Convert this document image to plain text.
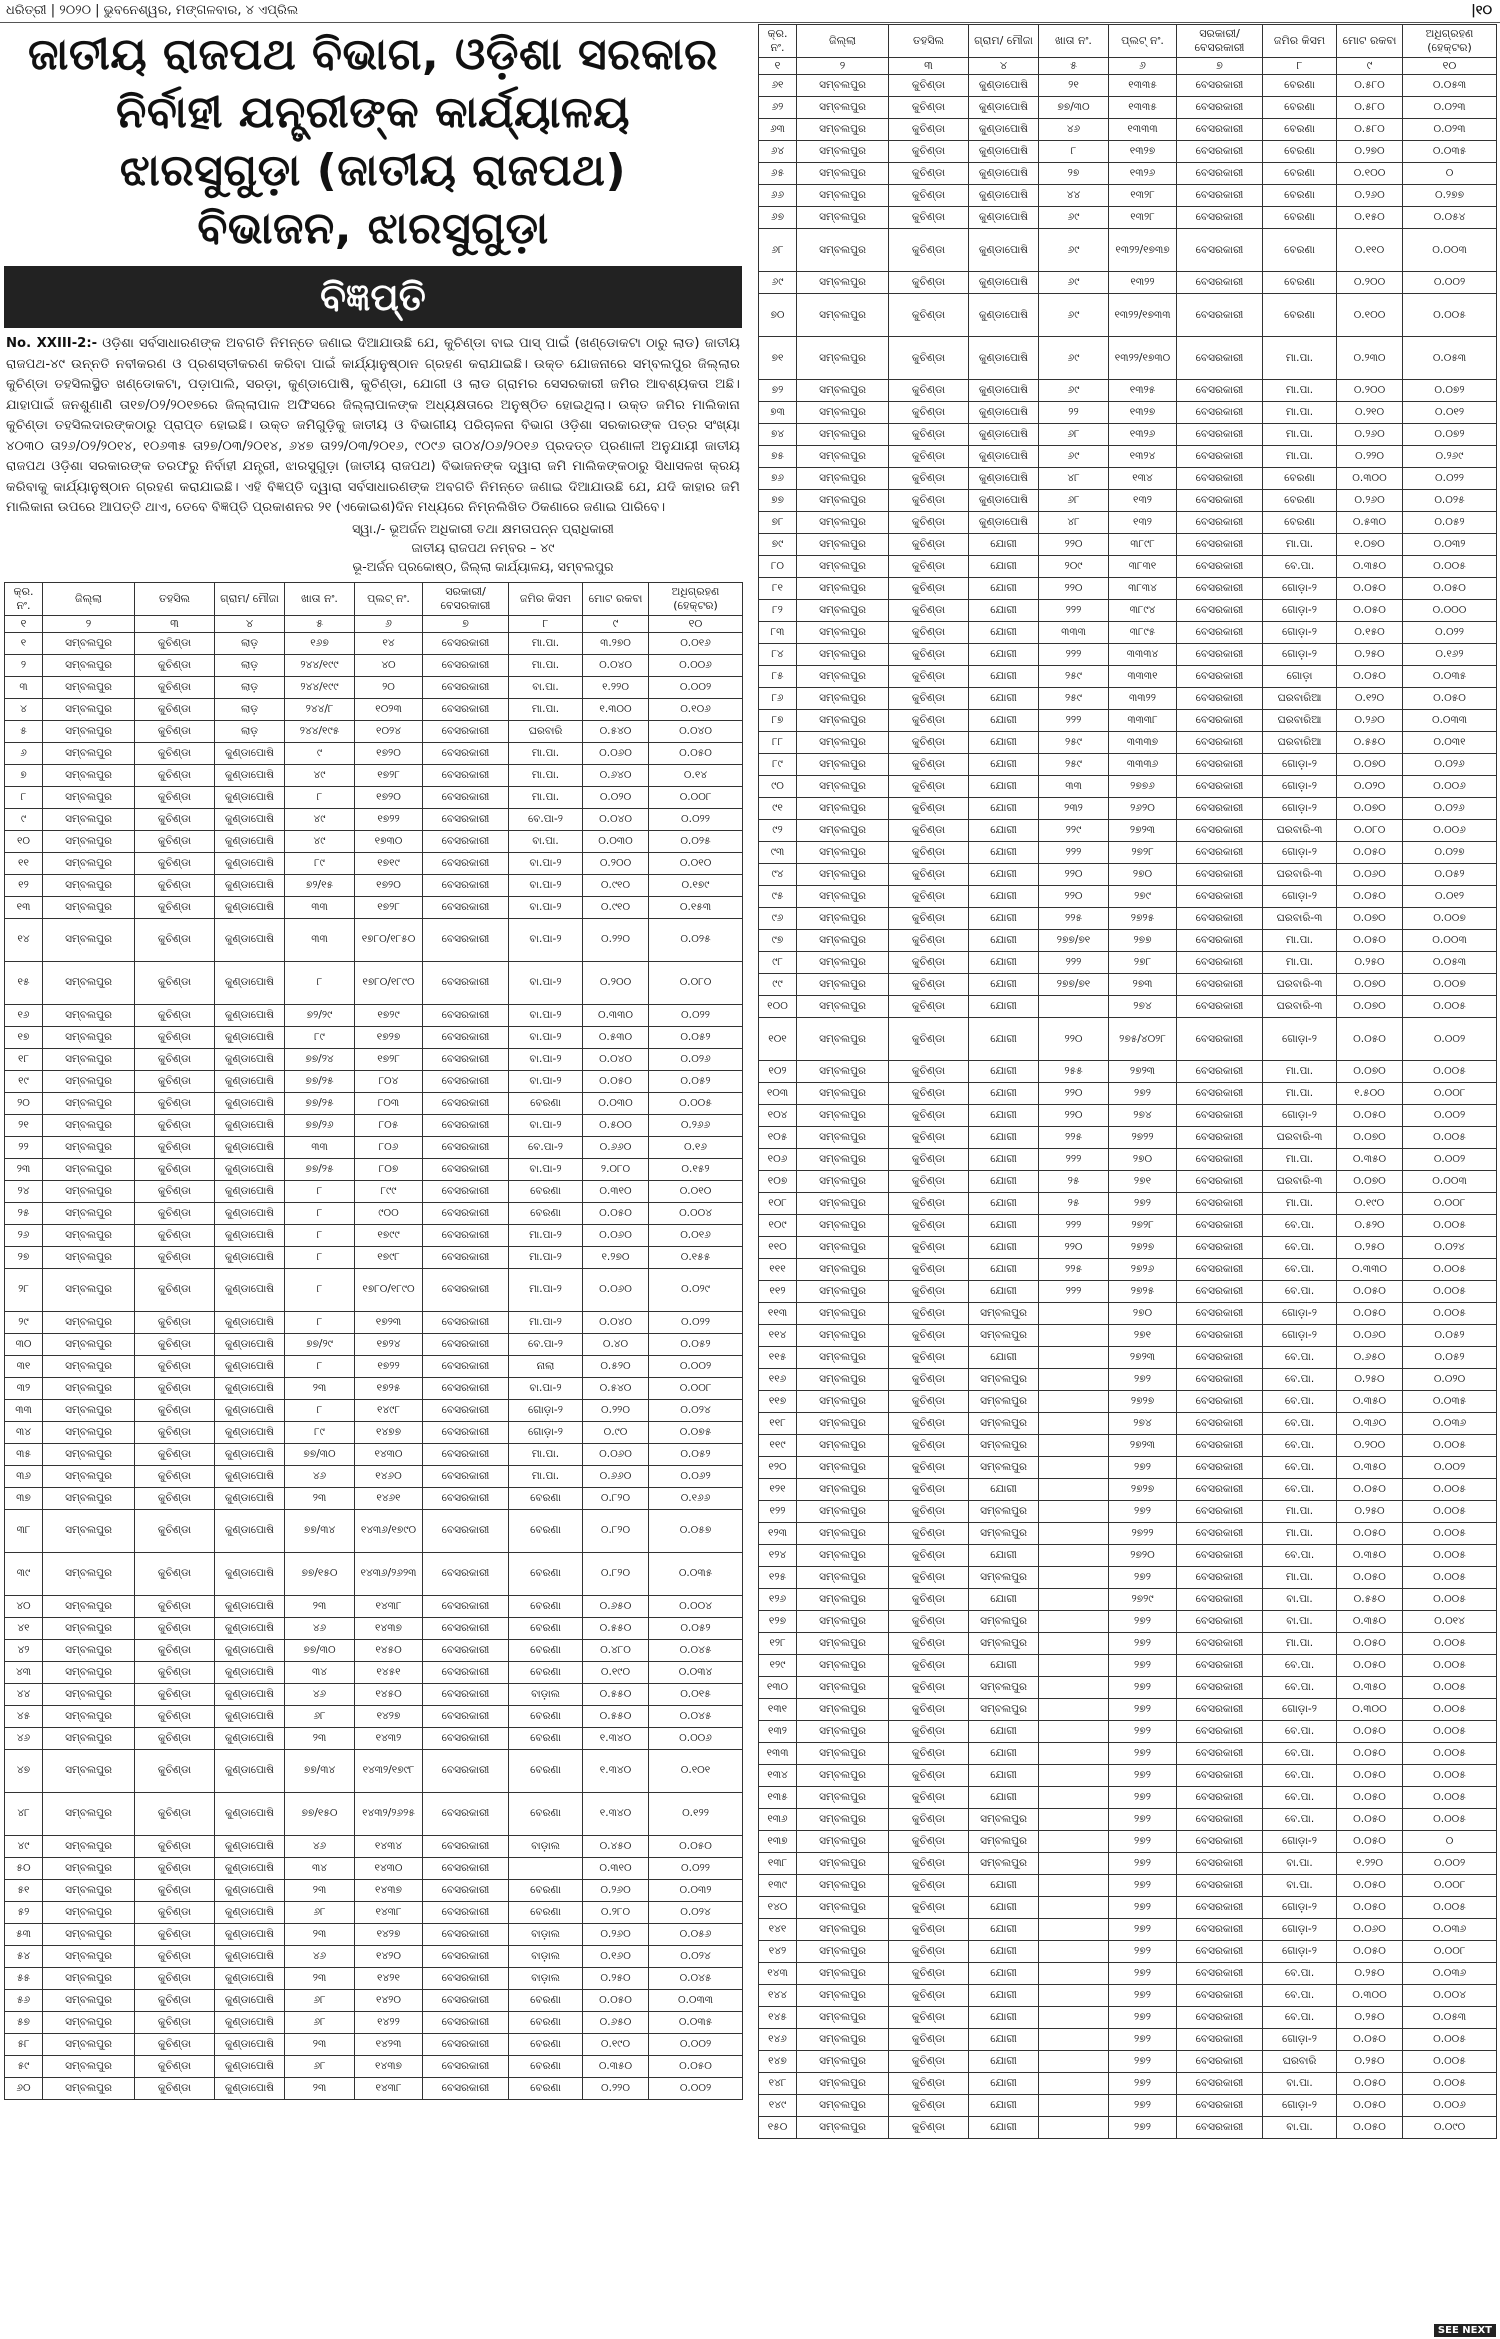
ଧରିତ୍ରୀ | ୨୦୨୦ | ଭୁବନେଶ୍ୱର, ମଙ୍ଗଳବାର, ୪ ଏପ୍ରିଲ	|୧୦

ଜାତୀୟ ରାଜପଥ ବିଭାଗ, ଓଡ଼ିଶା ସରକାର

ନିର୍ବାହୀ ଯନ୍ତ୍ରୀଙ୍କ କାର୍ଯ୍ୟାଳୟ

ଝାରସୁଗୁଡ଼ା (ଜାତୀୟ ରାଜପଥ)

ବିଭାଜନ, ଝାରସୁଗୁଡ଼ା

ବିଜ୍ଞପ୍ତି

No. XXIII-2:- ଓଡ଼ିଶା ସର୍ବସାଧାରଣଙ୍କ ଅବଗତି ନିମନ୍ତେ ଜଣାଇ ଦିଆଯାଉଛି ଯେ, କୁଚିଣ୍ଡା ବାଇ ପାସ୍ ପାଇଁ (ଖଣ୍ଡୋକଟା ଠାରୁ ଲାଡ) ଜାତୀୟ ରାଜପଥ-୪୯ ଉନ୍ନତି ନବୀକରଣ ଓ ପ୍ରଶସ୍ତୀକରଣ କରିବା ପାଇଁ କାର୍ଯ୍ୟାନୁଷ୍ଠାନ ଗ୍ରହଣ କରାଯାଇଛି। ଉକ୍ତ ଯୋଜନାରେ ସମ୍ବଲପୁର ଜିଲ୍ଲାର କୁଚିଣ୍ଡା ତହସିଲସ୍ଥିତ ଖଣ୍ଡୋକଟା, ପଡ଼ାପାଲି, ସରଡ଼ା, କୁଣ୍ଡାପୋଷି, କୁଚିଣ୍ଡା, ଯୋଗୀ ଓ ଲାଡ ଗ୍ରାମର ସେସରକାରୀ ଜମିର ଆବଶ୍ୟକତା ଅଛି। ଯାହାପାଇଁ ଜନଶୁଣାଣି ତା୧୭/୦୨/୨୦୧୭ରେ ଜିଲ୍ଲାପାଳ ଅଫିସରେ ଜିଲ୍ଲାପାଳଙ୍କ ଅଧ୍ୟକ୍ଷତାରେ ଅନୁଷ୍ଠିତ ହୋଇଥିଲା। ଉକ୍ତ ଜମିର ମାଲିକାନା କୁଚିଣ୍ଡା ତହସିଲଦାରଙ୍କଠାରୁ ପ୍ରାପ୍ତ ହୋଇଛି। ଉକ୍ତ ଜମିଗୁଡ଼ିକୁ ଜାତୀୟ ଓ ବିଭାଗୀୟ ପରିଚାଳନା ବିଭାଗ ଓଡ଼ିଶା ସରକାରଙ୍କ ପତ୍ର ସଂଖ୍ୟା ୪୦୩୦ ତା୨୬/୦୨/୨୦୧୪, ୧୦୬୩୫ ତା୨୭/୦୩/୨୦୧୪, ୬୪୭ ତା୨୨/୦୩/୨୦୧୬, ୯୦୯୬ ତା୦୪/୦୬/୨୦୧୬ ପ୍ରଦତ୍ତ ପ୍ରଣାଳୀ ଅନୁଯାୟୀ ଜାତୀୟ ରାଜପଥ ଓଡ଼ିଶା ସରକାରଙ୍କ ତରଫରୁ ନିର୍ବାହୀ ଯନ୍ତ୍ରୀ, ଝାରସୁଗୁଡ଼ା (ଜାତୀୟ ରାଜପଥ) ବିଭାଜନଙ୍କ ଦ୍ୱାରା ଜମି ମାଲିକଙ୍କଠାରୁ ସିଧାସଳଖ କ୍ରୟ କରିବାକୁ କାର୍ଯ୍ୟାନୁଷ୍ଠାନ ଗ୍ରହଣ କରାଯାଇଛି। ଏହି ବିଜ୍ଞପ୍ତି ଦ୍ୱାରା ସର୍ବସାଧାରଣଙ୍କ ଅବଗତି ନିମନ୍ତେ ଜଣାଇ ଦିଆଯାଉଛି ଯେ, ଯଦି କାହାର ଜମି ମାଲିକାନା ଉପରେ ଆପତ୍ତି ଥାଏ, ତେବେ ବିଜ୍ଞପ୍ତି ପ୍ରକାଶନର ୨୧ (ଏକୋଇଶ)ଦିନ ମଧ୍ୟରେ ନିମ୍ନଲିଖିତ ଠିକଣାରେ ଜଣାଇ ପାରିବେ।

ସ୍ୱା./- ଭୂଅର୍ଜନ ଅଧିକାରୀ ତଥା କ୍ଷମତାପନ୍ନ ପ୍ରାଧିକାରୀ
ଜାତୀୟ ରାଜପଥ ନମ୍ବର – ୪୯
ଭୂ-ଅର୍ଜନ ପ୍ରକୋଷ୍ଠ, ଜିଲ୍ଲା କାର୍ଯ୍ୟାଳୟ, ସମ୍ବଲପୁର
କ୍ର. ନଂ.	ଜିଲ୍ଲା	ତହସିଲ	ଗ୍ରାମ/ ମୌଜା	ଖାତା ନଂ.	ପ୍ଲଟ୍ ନଂ.	ସରକାରୀ/ ବେସରକାରୀ	ଜମିର କିସମ	ମୋଟ ରକବା	ଅଧିଗ୍ରହଣ (ହେକ୍ଟର)
୧	୨	୩	୪	୫	୬	୭	୮	୯	୧୦
୧	ସମ୍ବଲପୁର	କୁଚିଣ୍ଡା	ଲାଡ଼	୧୬୭	୧୪	ବେସରକାରୀ	ମା.ପା.	୩.୨୭୦	୦.୦୧୬
୨	ସମ୍ବଲପୁର	କୁଚିଣ୍ଡା	ଲାଡ଼	୨୪୪/୧୯୯	୪୦	ବେସରକାରୀ	ମା.ପା.	୦.୦୪୦	୦.୦୦୬
୩	ସମ୍ବଲପୁର	କୁଚିଣ୍ଡା	ଲାଡ଼	୨୪୪/୧୯୯	୨୦	ବେସରକାରୀ	ବା.ପା.	୧.୨୨୦	୦.୦୦୨
୪	ସମ୍ବଲପୁର	କୁଚିଣ୍ଡା	ଲାଡ଼	୨୪୪/୮	୧୦୨୩	ବେସରକାରୀ	ମା.ପା.	୧.୩୦୦	୦.୧୦୬
୫	ସମ୍ବଲପୁର	କୁଚିଣ୍ଡା	ଲାଡ଼	୨୪୪/୧୯୫	୧୦୨୪	ବେସରକାରୀ	ଘରବାରି	୦.୫୪୦	୦.୦୪୦
୬	ସମ୍ବଲପୁର	କୁଚିଣ୍ଡା	କୁଣ୍ଡାପୋଷି	୯	୧୭୨୦	ବେସରକାରୀ	ମା.ପା.	୦.୦୬୦	୦.୦୫୦
୭	ସମ୍ବଲପୁର	କୁଚିଣ୍ଡା	କୁଣ୍ଡାପୋଷି	୪୯	୧୭୨୮	ବେସରକାରୀ	ମା.ପା.	୦.୬୪୦	୦.୧୪
୮	ସମ୍ବଲପୁର	କୁଚିଣ୍ଡା	କୁଣ୍ଡାପୋଷି	୮	୧୭୨୦	ବେସରକାରୀ	ମା.ପା.	୦.୦୨୦	୦.୦୦୮
୯	ସମ୍ବଲପୁର	କୁଚିଣ୍ଡା	କୁଣ୍ଡାପୋଷି	୪୯	୧୭୨୨	ବେସରକାରୀ	ବେ.ପା-୨	୦.୦୪୦	୦.୦୨୨
୧୦	ସମ୍ବଲପୁର	କୁଚିଣ୍ଡା	କୁଣ୍ଡାପୋଷି	୪୯	୧୭୩୦	ବେସରକାରୀ	ବା.ପା.	୦.୦୩୦	୦.୦୨୫
୧୧	ସମ୍ବଲପୁର	କୁଚିଣ୍ଡା	କୁଣ୍ଡାପୋଷି	୮୯	୧୭୧୯	ବେସରକାରୀ	ବା.ପା-୨	୦.୨୦୦	୦.୦୧୦
୧୨	ସମ୍ବଲପୁର	କୁଚିଣ୍ଡା	କୁଣ୍ଡାପୋଷି	୭୨/୧୫	୧୭୨୦	ବେସରକାରୀ	ବା.ପା-୨	୦.୯୧୦	୦.୧୭୯
୧୩	ସମ୍ବଲପୁର	କୁଚିଣ୍ଡା	କୁଣ୍ଡାପୋଷି	୩୩	୧୭୨୮	ବେସରକାରୀ	ବା.ପା-୨	୦.୯୧୦	୦.୧୫୩
୧୪	ସମ୍ବଲପୁର	କୁଚିଣ୍ଡା	କୁଣ୍ଡାପୋଷି	୩୩	୧୭୮୦/୧୮୫୦	ବେସରକାରୀ	ବା.ପା-୨	୦.୨୨୦	୦.୦୨୫
୧୫	ସମ୍ବଲପୁର	କୁଚିଣ୍ଡା	କୁଣ୍ଡାପୋଷି	୮	୧୭୮୦/୧୮୯୦	ବେସରକାରୀ	ବା.ପା-୨	୦.୨୦୦	୦.୦୮୦
୧୬	ସମ୍ବଲପୁର	କୁଚିଣ୍ଡା	କୁଣ୍ଡାପୋଷି	୭୨/୨୯	୧୭୨୯	ବେସରକାରୀ	ବା.ପା-୨	୦.୩୩୦	୦.୦୨୨
୧୭	ସମ୍ବଲପୁର	କୁଚିଣ୍ଡା	କୁଣ୍ଡାପୋଷି	୮୯	୧୭୨୭	ବେସରକାରୀ	ବା.ପା-୨	୦.୫୩୦	୦.୦୫୨
୧୮	ସମ୍ବଲପୁର	କୁଚିଣ୍ଡା	କୁଣ୍ଡାପୋଷି	୭୭/୨୪	୧୭୨୮	ବେସରକାରୀ	ବା.ପା-୨	୦.୦୪୦	୦.୦୨୬
୧୯	ସମ୍ବଲପୁର	କୁଚିଣ୍ଡା	କୁଣ୍ଡାପୋଷି	୭୭/୨୫	୮୦୪	ବେସରକାରୀ	ବା.ପା-୨	୦.୦୫୦	୦.୦୫୨
୨୦	ସମ୍ବଲପୁର	କୁଚିଣ୍ଡା	କୁଣ୍ଡାପୋଷି	୭୭/୨୫	୮୦୩	ବେସରକାରୀ	ବେରଣା	୦.୦୩୦	୦.୦୦୫
୨୧	ସମ୍ବଲପୁର	କୁଚିଣ୍ଡା	କୁଣ୍ଡାପୋଷି	୭୭/୨୬	୮୦୫	ବେସରକାରୀ	ବା.ପା-୨	୦.୫୦୦	୦.୨୬୬
୨୨	ସମ୍ବଲପୁର	କୁଚିଣ୍ଡା	କୁଣ୍ଡାପୋଷି	୩୩	୮୦୬	ବେସରକାରୀ	ବେ.ପା-୨	୦.୬୬୦	୦.୧୬
୨୩	ସମ୍ବଲପୁର	କୁଚିଣ୍ଡା	କୁଣ୍ଡାପୋଷି	୭୭/୨୫	୮୦୭	ବେସରକାରୀ	ବା.ପା-୨	୨.୦୮୦	୦.୧୫୨
୨୪	ସମ୍ବଲପୁର	କୁଚିଣ୍ଡା	କୁଣ୍ଡାପୋଷି	୮	୮୯୯	ବେସରକାରୀ	ବେରଣା	୦.୩୧୦	୦.୦୧୦
୨୫	ସମ୍ବଲପୁର	କୁଚିଣ୍ଡା	କୁଣ୍ଡାପୋଷି	୮	୯୦୦	ବେସରକାରୀ	ବେରଣା	୦.୦୫୦	୦.୦୦୪
୨୬	ସମ୍ବଲପୁର	କୁଚିଣ୍ଡା	କୁଣ୍ଡାପୋଷି	୮	୧୭୯୯	ବେସରକାରୀ	ମା.ପା-୨	୦.୦୬୦	୦.୦୧୬
୨୭	ସମ୍ବଲପୁର	କୁଚିଣ୍ଡା	କୁଣ୍ଡାପୋଷି	୮	୧୭୯୮	ବେସରକାରୀ	ମା.ପା-୨	୧.୨୭୦	୦.୧୫୫
୨୮	ସମ୍ବଲପୁର	କୁଚିଣ୍ଡା	କୁଣ୍ଡାପୋଷି	୮	୧୭୮୦/୧୮୯୦	ବେସରକାରୀ	ମା.ପା-୨	୦.୦୬୦	୦.୦୨୯
୨୯	ସମ୍ବଲପୁର	କୁଚିଣ୍ଡା	କୁଣ୍ଡାପୋଷି	୮	୧୭୨୩	ବେସରକାରୀ	ମା.ପା-୨	୦.୦୪୦	୦.୦୨୨
୩୦	ସମ୍ବଲପୁର	କୁଚିଣ୍ଡା	କୁଣ୍ଡାପୋଷି	୭୭/୨୯	୧୭୨୪	ବେସରକାରୀ	ବେ.ପା-୨	୦.୪୦	୦.୦୫୨
୩୧	ସମ୍ବଲପୁର	କୁଚିଣ୍ଡା	କୁଣ୍ଡାପୋଷି	୮	୧୭୨୨	ବେସରକାରୀ	ନାଲା	୦.୫୨୦	୦.୦୦୨
୩୨	ସମ୍ବଲପୁର	କୁଚିଣ୍ଡା	କୁଣ୍ଡାପୋଷି	୨୩	୧୭୨୫	ବେସରକାରୀ	ବା.ପା-୨	୦.୫୪୦	୦.୦୦୮
୩୩	ସମ୍ବଲପୁର	କୁଚିଣ୍ଡା	କୁଣ୍ଡାପୋଷି	୮	୧୪୯୮	ବେସରକାରୀ	ଗୋଡ଼ା-୨	୦.୨୨୦	୦.୦୨୪
୩୪	ସମ୍ବଲପୁର	କୁଚିଣ୍ଡା	କୁଣ୍ଡାପୋଷି	୮୯	୧୪୭୭	ବେସରକାରୀ	ଗୋଡ଼ା-୨	୦.୯୦	୦.୦୭୫
୩୫	ସମ୍ବଲପୁର	କୁଚିଣ୍ଡା	କୁଣ୍ଡାପୋଷି	୭୭/୩୦	୧୪୩୦	ବେସରକାରୀ	ମା.ପା.	୦.୦୬୦	୦.୦୫୨
୩୬	ସମ୍ବଲପୁର	କୁଚିଣ୍ଡା	କୁଣ୍ଡାପୋଷି	୪୬	୧୪୬୦	ବେସରକାରୀ	ମା.ପା.	୦.୬୬୦	୦.୦୬୨
୩୭	ସମ୍ବଲପୁର	କୁଚିଣ୍ଡା	କୁଣ୍ଡାପୋଷି	୨୩	୧୪୬୧	ବେସରକାରୀ	ବେରଣା	୦.୮୨୦	୦.୧୬୬
୩୮	ସମ୍ବଲପୁର	କୁଚିଣ୍ଡା	କୁଣ୍ଡାପୋଷି	୭୭/୩୪	୧୪୩୬/୧୭୯୦	ବେସରକାରୀ	ବେରଣା	୦.୮୨୦	୦.୦୫୭
୩୯	ସମ୍ବଲପୁର	କୁଚିଣ୍ଡା	କୁଣ୍ଡାପୋଷି	୭୭/୧୫୦	୧୪୩୬/୨୬୨୩	ବେସରକାରୀ	ବେରଣା	୦.୮୨୦	୦.୦୩୫
୪୦	ସମ୍ବଲପୁର	କୁଚିଣ୍ଡା	କୁଣ୍ଡାପୋଷି	୨୩	୧୪୩୮	ବେସରକାରୀ	ବେରଣା	୦.୬୫୦	୦.୦୦୪
୪୧	ସମ୍ବଲପୁର	କୁଚିଣ୍ଡା	କୁଣ୍ଡାପୋଷି	୪୬	୧୪୩୭	ବେସରକାରୀ	ବେରଣା	୦.୫୫୦	୦.୦୫୨
୪୨	ସମ୍ବଲପୁର	କୁଚିଣ୍ଡା	କୁଣ୍ଡାପୋଷି	୭୭/୩୦	୧୪୫୦	ବେସରକାରୀ	ବେରଣା	୦.୪୮୦	୦.୦୪୫
୪୩	ସମ୍ବଲପୁର	କୁଚିଣ୍ଡା	କୁଣ୍ଡାପୋଷି	୩୪	୧୪୫୧	ବେସରକାରୀ	ବେରଣା	୦.୧୯୦	୦.୦୩୪
୪୪	ସମ୍ବଲପୁର	କୁଚିଣ୍ଡା	କୁଣ୍ଡାପୋଷି	୪୬	୧୪୫୦	ବେସରକାରୀ	ବାଡ଼ାଲ	୦.୫୫୦	୦.୦୧୫
୪୫	ସମ୍ବଲପୁର	କୁଚିଣ୍ଡା	କୁଣ୍ଡାପୋଷି	୬୮	୧୪୨୭	ବେସରକାରୀ	ବେରଣା	୦.୫୫୦	୦.୦୪୫
୪୬	ସମ୍ବଲପୁର	କୁଚିଣ୍ଡା	କୁଣ୍ଡାପୋଷି	୨୩	୧୪୩୨	ବେସରକାରୀ	ବେରଣା	୧.୩୪୦	୦.୦୦୬
୪୭	ସମ୍ବଲପୁର	କୁଚିଣ୍ଡା	କୁଣ୍ଡାପୋଷି	୭୭/୩୪	୧୪୩୨/୧୭୯୮	ବେସରକାରୀ	ବେରଣା	୧.୩୪୦	୦.୧୦୧
୪୮	ସମ୍ବଲପୁର	କୁଚିଣ୍ଡା	କୁଣ୍ଡାପୋଷି	୭୭/୧୫୦	୧୪୩୨/୨୬୨୫	ବେସରକାରୀ	ବେରଣା	୧.୩୪୦	୦.୧୨୨
୪୯	ସମ୍ବଲପୁର	କୁଚିଣ୍ଡା	କୁଣ୍ଡାପୋଷି	୪୬	୧୪୩୪	ବେସରକାରୀ	ବାଡ଼ାଲ	୦.୪୫୦	୦.୦୫୦
୫୦	ସମ୍ବଲପୁର	କୁଚିଣ୍ଡା	କୁଣ୍ଡାପୋଷି	୩୪	୧୪୩୦	ବେସରକାରୀ		୦.୩୧୦	୦.୦୨୨
୫୧	ସମ୍ବଲପୁର	କୁଚିଣ୍ଡା	କୁଣ୍ଡାପୋଷି	୨୩	୧୪୩୭	ବେସରକାରୀ	ବେରଣା	୦.୨୬୦	୦.୦୩୨
୫୨	ସମ୍ବଲପୁର	କୁଚିଣ୍ଡା	କୁଣ୍ଡାପୋଷି	୬୮	୧୪୩୮	ବେସରକାରୀ	ବେରଣା	୦.୨୮୦	୦.୦୨୪
୫୩	ସମ୍ବଲପୁର	କୁଚିଣ୍ଡା	କୁଣ୍ଡାପୋଷି	୨୩	୧୪୨୭	ବେସରକାରୀ	ବାଡ଼ାଲ	୦.୨୬୦	୦.୦୫୬
୫୪	ସମ୍ବଲପୁର	କୁଚିଣ୍ଡା	କୁଣ୍ଡାପୋଷି	୪୬	୧୪୨୦	ବେସରକାରୀ	ବାଡ଼ାଲ	୦.୧୬୦	୦.୦୨୪
୫୫	ସମ୍ବଲପୁର	କୁଚିଣ୍ଡା	କୁଣ୍ଡାପୋଷି	୨୩	୧୪୨୧	ବେସରକାରୀ	ବାଡ଼ାଲ	୦.୨୫୦	୦.୦୪୫
୫୬	ସମ୍ବଲପୁର	କୁଚିଣ୍ଡା	କୁଣ୍ଡାପୋଷି	୬୮	୧୪୨୦	ବେସରକାରୀ	ବେରଣା	୦.୦୫୦	୦.୦୩୩
୫୭	ସମ୍ବଲପୁର	କୁଚିଣ୍ଡା	କୁଣ୍ଡାପୋଷି	୬୮	୧୪୨୨	ବେସରକାରୀ	ବେରଣା	୦.୬୫୦	୦.୦୩୫
୫୮	ସମ୍ବଲପୁର	କୁଚିଣ୍ଡା	କୁଣ୍ଡାପୋଷି	୨୩	୧୪୨୩	ବେସରକାରୀ	ବେରଣା	୦.୧୯୦	୦.୦୦୨
୫୯	ସମ୍ବଲପୁର	କୁଚିଣ୍ଡା	କୁଣ୍ଡାପୋଷି	୬୮	୧୪୩୭	ବେସରକାରୀ	ବେରଣା	୦.୩୫୦	୦.୦୫୦
୬୦	ସମ୍ବଲପୁର	କୁଚିଣ୍ଡା	କୁଣ୍ଡାପୋଷି	୨୩	୧୪୩୮	ବେସରକାରୀ	ବେରଣା	୦.୨୨୦	୦.୦୦୨
କ୍ର. ନଂ.	ଜିଲ୍ଲା	ତହସିଲ	ଗ୍ରାମ/ ମୌଜା	ଖାତା ନଂ.	ପ୍ଲଟ୍ ନଂ.	ସରକାରୀ/ ବେସରକାରୀ	ଜମିର କିସମ	ମୋଟ ରକବା	ଅଧିଗ୍ରହଣ (ହେକ୍ଟର)
୧	୨	୩	୪	୫	୬	୭	୮	୯	୧୦
୬୧	ସମ୍ବଲପୁର	କୁଚିଣ୍ଡା	କୁଣ୍ଡାପୋଷି	୨୧	୧୩୩୫	ବେସରକାରୀ	ବେରଣା	୦.୫୮୦	୦.୦୫୩
୬୨	ସମ୍ବଲପୁର	କୁଚିଣ୍ଡା	କୁଣ୍ଡାପୋଷି	୭୭/୩୦	୧୩୩୫	ବେସରକାରୀ	ବେରଣା	୦.୫୮୦	୦.୦୨୩
୬୩	ସମ୍ବଲପୁର	କୁଚିଣ୍ଡା	କୁଣ୍ଡାପୋଷି	୪୬	୧୩୩୩	ବେସରକାରୀ	ବେରଣା	୦.୫୮୦	୦.୦୨୩
୬୪	ସମ୍ବଲପୁର	କୁଚିଣ୍ଡା	କୁଣ୍ଡାପୋଷି	୮	୧୩୨୭	ବେସରକାରୀ	ବେରଣା	୦.୨୭୦	୦.୦୩୫
୬୫	ସମ୍ବଲପୁର	କୁଚିଣ୍ଡା	କୁଣ୍ଡାପୋଷି	୨୭	୧୩୨୬	ବେସରକାରୀ	ବେରଣା	୦.୧୦୦	୦
୬୬	ସମ୍ବଲପୁର	କୁଚିଣ୍ଡା	କୁଣ୍ଡାପୋଷି	୪୪	୧୩୨୮	ବେସରକାରୀ	ବେରଣା	୦.୨୬୦	୦.୨୭୭
୬୭	ସମ୍ବଲପୁର	କୁଚିଣ୍ଡା	କୁଣ୍ଡାପୋଷି	୬୯	୧୩୨୮	ବେସରକାରୀ	ବେରଣା	୦.୧୫୦	୦.୦୫୪
୬୮	ସମ୍ବଲପୁର	କୁଚିଣ୍ଡା	କୁଣ୍ଡାପୋଷି	୬୯	୧୩୨୨/୧୭୩୭	ବେସରକାରୀ	ବେରଣା	୦.୧୧୦	୦.୦୦୩
୬୯	ସମ୍ବଲପୁର	କୁଚିଣ୍ଡା	କୁଣ୍ଡାପୋଷି	୬୯	୧୩୨୨	ବେସରକାରୀ	ବେରଣା	୦.୨୦୦	୦.୦୦୨
୭୦	ସମ୍ବଲପୁର	କୁଚିଣ୍ଡା	କୁଣ୍ଡାପୋଷି	୬୯	୧୩୨୨/୧୭୩୩	ବେସରକାରୀ	ବେରଣା	୦.୧୦୦	୦.୦୦୫
୭୧	ସମ୍ବଲପୁର	କୁଚିଣ୍ଡା	କୁଣ୍ଡାପୋଷି	୬୯	୧୩୨୨/୧୭୩୦	ବେସରକାରୀ	ମା.ପା.	୦.୨୩୦	୦.୦୫୩
୭୨	ସମ୍ବଲପୁର	କୁଚିଣ୍ଡା	କୁଣ୍ଡାପୋଷି	୬୯	୧୩୨୫	ବେସରକାରୀ	ମା.ପା.	୦.୨୦୦	୦.୦୭୨
୭୩	ସମ୍ବଲପୁର	କୁଚିଣ୍ଡା	କୁଣ୍ଡାପୋଷି	୨୨	୧୩୨୭	ବେସରକାରୀ	ମା.ପା.	୦.୨୧୦	୦.୦୧୨
୭୪	ସମ୍ବଲପୁର	କୁଚିଣ୍ଡା	କୁଣ୍ଡାପୋଷି	୬୮	୧୩୨୬	ବେସରକାରୀ	ମା.ପା.	୦.୨୬୦	୦.୦୭୨
୭୫	ସମ୍ବଲପୁର	କୁଚିଣ୍ଡା	କୁଣ୍ଡାପୋଷି	୬୯	୧୩୨୪	ବେସରକାରୀ	ମା.ପା.	୦.୨୨୦	୦.୨୬୯
୭୬	ସମ୍ବଲପୁର	କୁଚିଣ୍ଡା	କୁଣ୍ଡାପୋଷି	୪୮	୧୩୪	ବେସରକାରୀ	ବେରଣା	୦.୩୦୦	୦.୦୨୨
୭୭	ସମ୍ବଲପୁର	କୁଚିଣ୍ଡା	କୁଣ୍ଡାପୋଷି	୬୮	୧୩୨	ବେସରକାରୀ	ବେରଣା	୦.୨୬୦	୦.୦୨୫
୭୮	ସମ୍ବଲପୁର	କୁଚିଣ୍ଡା	କୁଣ୍ଡାପୋଷି	୪୮	୧୩୨	ବେସରକାରୀ	ବେରଣା	୦.୫୩୦	୦.୦୫୨
୭୯	ସମ୍ବଲପୁର	କୁଚିଣ୍ଡା	ଯୋଗୀ	୨୨୦	୩୮୯୮	ବେସରକାରୀ	ମା.ପା.	୧.୦୭୦	୦.୦୩୨
୮୦	ସମ୍ବଲପୁର	କୁଚିଣ୍ଡା	ଯୋଗୀ	୨୦୯	୩୮୩୧	ବେସରକାରୀ	ବେ.ପା.	୦.୩୫୦	୦.୦୦୫
୮୧	ସମ୍ବଲପୁର	କୁଚିଣ୍ଡା	ଯୋଗୀ	୨୨୦	୩୮୩୪	ବେସରକାରୀ	ଗୋଡ଼ା-୨	୦.୦୫୦	୦.୦୫୦
୮୨	ସମ୍ବଲପୁର	କୁଚିଣ୍ଡା	ଯୋଗୀ	୨୨୨	୩୮୯୪	ବେସରକାରୀ	ଗୋଡ଼ା-୨	୦.୦୫୦	୦.୦୦୦
୮୩	ସମ୍ବଲପୁର	କୁଚିଣ୍ଡା	ଯୋଗୀ	୩୩୩	୩୮୯୫	ବେସରକାରୀ	ଗୋଡ଼ା-୨	୦.୧୫୦	୦.୦୨୨
୮୪	ସମ୍ବଲପୁର	କୁଚିଣ୍ଡା	ଯୋଗୀ	୨୨୨	୩୩୩୪	ବେସରକାରୀ	ଗୋଡ଼ା-୨	୦.୨୫୦	୦.୧୬୨
୮୫	ସମ୍ବଲପୁର	କୁଚିଣ୍ଡା	ଯୋଗୀ	୨୫୯	୩୩୩୧	ବେସରକାରୀ	ଗୋଡ଼ା	୦.୦୫୦	୦.୦୩୫
୮୬	ସମ୍ବଲପୁର	କୁଚିଣ୍ଡା	ଯୋଗୀ	୨୫୯	୩୩୨୨	ବେସରକାରୀ	ଘରବାରିଆ	୦.୧୨୦	୦.୦୫୦
୮୭	ସମ୍ବଲପୁର	କୁଚିଣ୍ଡା	ଯୋଗୀ	୨୨୨	୩୩୩୮	ବେସରକାରୀ	ଘରବାରିଆ	୦.୨୬୦	୦.୦୩୩
୮୮	ସମ୍ବଲପୁର	କୁଚିଣ୍ଡା	ଯୋଗୀ	୨୫୯	୩୩୩୭	ବେସରକାରୀ	ଘରବାରିଆ	୦.୫୫୦	୦.୦୩୧
୮୯	ସମ୍ବଲପୁର	କୁଚିଣ୍ଡା	ଯୋଗୀ	୨୫୯	୩୩୩୬	ବେସରକାରୀ	ଗୋଡ଼ା-୨	୦.୦୭୦	୦.୦୨୬
୯୦	ସମ୍ବଲପୁର	କୁଚିଣ୍ଡା	ଯୋଗୀ	୩୩	୨୭୭୬	ବେସରକାରୀ	ଗୋଡ଼ା-୨	୦.୦୨୦	୦.୦୦୬
୯୧	ସମ୍ବଲପୁର	କୁଚିଣ୍ଡା	ଯୋଗୀ	୨୩୨	୨୬୨୦	ବେସରକାରୀ	ଗୋଡ଼ା-୨	୦.୦୭୦	୦.୦୨୬
୯୨	ସମ୍ବଲପୁର	କୁଚିଣ୍ଡା	ଯୋଗୀ	୨୨୯	୨୭୨୩	ବେସରକାରୀ	ଘରବାରି-୩	୦.୦୮୦	୦.୦୦୬
୯୩	ସମ୍ବଲପୁର	କୁଚିଣ୍ଡା	ଯୋଗୀ	୨୨୨	୨୭୨୮	ବେସରକାରୀ	ଗୋଡ଼ା-୨	୦.୦୫୦	୦.୦୨୭
୯୪	ସମ୍ବଲପୁର	କୁଚିଣ୍ଡା	ଯୋଗୀ	୨୨୦	୨୭୦	ବେସରକାରୀ	ଘରବାରି-୩	୦.୦୬୦	୦.୦୫୨
୯୫	ସମ୍ବଲପୁର	କୁଚିଣ୍ଡା	ଯୋଗୀ	୨୨୦	୨୭୯	ବେସରକାରୀ	ଗୋଡ଼ା-୨	୦.୦୫୦	୦.୦୧୨
୯୬	ସମ୍ବଲପୁର	କୁଚିଣ୍ଡା	ଯୋଗୀ	୨୨୫	୨୭୨୫	ବେସରକାରୀ	ଘରବାରି-୩	୦.୦୭୦	୦.୦୦୭
୯୭	ସମ୍ବଲପୁର	କୁଚିଣ୍ଡା	ଯୋଗୀ	୨୭୭/୭୧	୨୭୭	ବେସରକାରୀ	ମା.ପା.	୦.୦୫୦	୦.୦୦୩
୯୮	ସମ୍ବଲପୁର	କୁଚିଣ୍ଡା	ଯୋଗୀ	୨୨୨	୨୭୮	ବେସରକାରୀ	ମା.ପା.	୦.୨୫୦	୦.୦୫୩
୯୯	ସମ୍ବଲପୁର	କୁଚିଣ୍ଡା	ଯୋଗୀ	୨୭୭/୭୧	୨୭୩	ବେସରକାରୀ	ଘରବାରି-୩	୦.୦୭୦	୦.୦୦୭
୧୦୦	ସମ୍ବଲପୁର	କୁଚିଣ୍ଡା	ଯୋଗୀ		୨୭୪	ବେସରକାରୀ	ଘରବାରି-୩	୦.୦୭୦	୦.୦୦୫
୧୦୧	ସମ୍ବଲପୁର	କୁଚିଣ୍ଡା	ଯୋଗୀ	୨୨୦	୨୭୫/୪୦୨୮	ବେସରକାରୀ	ଗୋଡ଼ା-୨	୦.୦୫୦	୦.୦୦୨
୧୦୨	ସମ୍ବଲପୁର	କୁଚିଣ୍ଡା	ଯୋଗୀ	୨୫୫	୨୭୨୩	ବେସରକାରୀ	ମା.ପା.	୦.୦୭୦	୦.୦୦୫
୧୦୩	ସମ୍ବଲପୁର	କୁଚିଣ୍ଡା	ଯୋଗୀ	୨୨୦	୨୭୨	ବେସରକାରୀ	ମା.ପା.	୧.୫୦୦	୦.୦୦୮
୧୦୪	ସମ୍ବଲପୁର	କୁଚିଣ୍ଡା	ଯୋଗୀ	୨୨୦	୨୭୪	ବେସରକାରୀ	ଗୋଡ଼ା-୨	୦.୦୫୦	୦.୦୦୨
୧୦୫	ସମ୍ବଲପୁର	କୁଚିଣ୍ଡା	ଯୋଗୀ	୨୨୫	୨୭୨୨	ବେସରକାରୀ	ଘରବାରି-୩	୦.୦୭୦	୦.୦୦୫
୧୦୬	ସମ୍ବଲପୁର	କୁଚିଣ୍ଡା	ଯୋଗୀ	୨୨୨	୨୭୦	ବେସରକାରୀ	ମା.ପା.	୦.୩୫୦	୦.୦୦୨
୧୦୭	ସମ୍ବଲପୁର	କୁଚିଣ୍ଡା	ଯୋଗୀ	୨୫	୨୭୧	ବେସରକାରୀ	ଘରବାରି-୩	୦.୦୭୦	୦.୦୦୩
୧୦୮	ସମ୍ବଲପୁର	କୁଚିଣ୍ଡା	ଯୋଗୀ	୨୫	୨୭୨	ବେସରକାରୀ	ମା.ପା.	୦.୧୯୦	୦.୦୦୮
୧୦୯	ସମ୍ବଲପୁର	କୁଚିଣ୍ଡା	ଯୋଗୀ	୨୨୨	୨୭୨୮	ବେସରକାରୀ	ବେ.ପା.	୦.୫୨୦	୦.୦୦୫
୧୧୦	ସମ୍ବଲପୁର	କୁଚିଣ୍ଡା	ଯୋଗୀ	୨୨୦	୨୭୨୭	ବେସରକାରୀ	ବେ.ପା.	୦.୨୫୦	୦.୦୨୪
୧୧୧	ସମ୍ବଲପୁର	କୁଚିଣ୍ଡା	ଯୋଗୀ	୨୨୫	୨୭୨୬	ବେସରକାରୀ	ବେ.ପା.	୦.୩୩୦	୦.୦୦୫
୧୧୨	ସମ୍ବଲପୁର	କୁଚିଣ୍ଡା	ଯୋଗୀ	୨୨୨	୨୭୨୫	ବେସରକାରୀ	ବେ.ପା.	୦.୦୫୦	୦.୦୦୫
୧୧୩	ସମ୍ବଲପୁର	କୁଚିଣ୍ଡା	ସମ୍ବଲପୁର		୨୭୦	ବେସରକାରୀ	ଗୋଡ଼ା-୨	୦.୦୫୦	୦.୦୦୫
୧୧୪	ସମ୍ବଲପୁର	କୁଚିଣ୍ଡା	ସମ୍ବଲପୁର		୨୭୧	ବେସରକାରୀ	ଗୋଡ଼ା-୨	୦.୦୬୦	୦.୦୫୨
୧୧୫	ସମ୍ବଲପୁର	କୁଚିଣ୍ଡା	ଯୋଗୀ		୨୭୨୩	ବେସରକାରୀ	ବେ.ପା.	୦.୬୫୦	୦.୦୫୨
୧୧୬	ସମ୍ବଲପୁର	କୁଚିଣ୍ଡା	ସମ୍ବଲପୁର		୨୭୨	ବେସରକାରୀ	ବେ.ପା.	୦.୨୫୦	୦.୦୨୦
୧୧୭	ସମ୍ବଲପୁର	କୁଚିଣ୍ଡା	ସମ୍ବଲପୁର		୨୭୨୭	ବେସରକାରୀ	ବେ.ପା.	୦.୩୫୦	୦.୦୩୫
୧୧୮	ସମ୍ବଲପୁର	କୁଚିଣ୍ଡା	ସମ୍ବଲପୁର		୨୭୪	ବେସରକାରୀ	ବେ.ପା.	୦.୩୬୦	୦.୦୩୬
୧୧୯	ସମ୍ବଲପୁର	କୁଚିଣ୍ଡା	ସମ୍ବଲପୁର		୨୭୨୩	ବେସରକାରୀ	ବେ.ପା.	୦.୨୦୦	୦.୦୦୫
୧୨୦	ସମ୍ବଲପୁର	କୁଚିଣ୍ଡା	ସମ୍ବଲପୁର		୨୭୨	ବେସରକାରୀ	ବେ.ପା.	୦.୩୫୦	୦.୦୦୨
୧୨୧	ସମ୍ବଲପୁର	କୁଚିଣ୍ଡା	ଯୋଗୀ		୨୭୨୭	ବେସରକାରୀ	ବେ.ପା.	୦.୦୫୦	୦.୦୦୫
୧୨୨	ସମ୍ବଲପୁର	କୁଚିଣ୍ଡା	ସମ୍ବଲପୁର		୨୭୨	ବେସରକାରୀ	ମା.ପା.	୦.୨୫୦	୦.୦୦୫
୧୨୩	ସମ୍ବଲପୁର	କୁଚିଣ୍ଡା	ସମ୍ବଲପୁର		୨୭୨୨	ବେସରକାରୀ	ମା.ପା.	୦.୦୫୦	୦.୦୦୫
୧୨୪	ସମ୍ବଲପୁର	କୁଚିଣ୍ଡା	ଯୋଗୀ		୨୭୨୦	ବେସରକାରୀ	ବେ.ପା.	୦.୩୫୦	୦.୦୦୫
୧୨୫	ସମ୍ବଲପୁର	କୁଚିଣ୍ଡା	ସମ୍ବଲପୁର		୨୭୨	ବେସରକାରୀ	ମା.ପା.	୦.୦୫୦	୦.୦୦୫
୧୨୬	ସମ୍ବଲପୁର	କୁଚିଣ୍ଡା	ଯୋଗୀ		୨୭୨୯	ବେସରକାରୀ	ବା.ପା.	୦.୫୫୦	୦.୦୦୫
୧୨୭	ସମ୍ବଲପୁର	କୁଚିଣ୍ଡା	ସମ୍ବଲପୁର		୨୭୨	ବେସରକାରୀ	ବା.ପା.	୦.୩୫୦	୦.୦୧୪
୧୨୮	ସମ୍ବଲପୁର	କୁଚିଣ୍ଡା	ସମ୍ବଲପୁର		୨୭୨	ବେସରକାରୀ	ମା.ପା.	୦.୦୫୦	୦.୦୦୫
୧୨୯	ସମ୍ବଲପୁର	କୁଚିଣ୍ଡା	ଯୋଗୀ		୨୭୨	ବେସରକାରୀ	ବେ.ପା.	୦.୦୫୦	୦.୦୦୫
୧୩୦	ସମ୍ବଲପୁର	କୁଚିଣ୍ଡା	ସମ୍ବଲପୁର		୨୭୨	ବେସରକାରୀ	ବେ.ପା.	୦.୩୫୦	୦.୦୦୫
୧୩୧	ସମ୍ବଲପୁର	କୁଚିଣ୍ଡା	ସମ୍ବଲପୁର		୨୭୨	ବେସରକାରୀ	ଗୋଡ଼ା-୨	୦.୩୦୦	୦.୦୦୫
୧୩୨	ସମ୍ବଲପୁର	କୁଚିଣ୍ଡା	ଯୋଗୀ		୨୭୨	ବେସରକାରୀ	ବେ.ପା.	୦.୦୫୦	୦.୦୦୫
୧୩୩	ସମ୍ବଲପୁର	କୁଚିଣ୍ଡା	ଯୋଗୀ		୨୭୨	ବେସରକାରୀ	ବେ.ପା.	୦.୦୫୦	୦.୦୦୫
୧୩୪	ସମ୍ବଲପୁର	କୁଚିଣ୍ଡା	ଯୋଗୀ		୨୭୨	ବେସରକାରୀ	ବେ.ପା.	୦.୦୫୦	୦.୦୦୫
୧୩୫	ସମ୍ବଲପୁର	କୁଚିଣ୍ଡା	ଯୋଗୀ		୨୭୨	ବେସରକାରୀ	ବେ.ପା.	୦.୦୫୦	୦.୦୦୫
୧୩୬	ସମ୍ବଲପୁର	କୁଚିଣ୍ଡା	ସମ୍ବଲପୁର		୨୭୨	ବେସରକାରୀ	ବେ.ପା.	୦.୦୫୦	୦.୦୦୫
୧୩୭	ସମ୍ବଲପୁର	କୁଚିଣ୍ଡା	ସମ୍ବଲପୁର		୨୭୨	ବେସରକାରୀ	ଗୋଡ଼ା-୨	୦.୦୫୦	୦
୧୩୮	ସମ୍ବଲପୁର	କୁଚିଣ୍ଡା	ସମ୍ବଲପୁର		୨୭୨	ବେସରକାରୀ	ବା.ପା.	୧.୨୨୦	୦.୦୦୨
୧୩୯	ସମ୍ବଲପୁର	କୁଚିଣ୍ଡା	ଯୋଗୀ		୨୭୨	ବେସରକାରୀ	ବା.ପା.	୦.୦୫୦	୦.୦୦୮
୧୪୦	ସମ୍ବଲପୁର	କୁଚିଣ୍ଡା	ଯୋଗୀ		୨୭୨	ବେସରକାରୀ	ଗୋଡ଼ା-୨	୦.୦୫୦	୦.୦୦୫
୧୪୧	ସମ୍ବଲପୁର	କୁଚିଣ୍ଡା	ଯୋଗୀ		୨୭୨	ବେସରକାରୀ	ଗୋଡ଼ା-୨	୦.୦୬୦	୦.୦୩୬
୧୪୨	ସମ୍ବଲପୁର	କୁଚିଣ୍ଡା	ଯୋଗୀ		୨୭୨	ବେସରକାରୀ	ଗୋଡ଼ା-୨	୦.୦୫୦	୦.୦୦୮
୧୪୩	ସମ୍ବଲପୁର	କୁଚିଣ୍ଡା	ଯୋଗୀ		୨୭୨	ବେସରକାରୀ	ବେ.ପା.	୦.୨୫୦	୦.୦୩୬
୧୪୪	ସମ୍ବଲପୁର	କୁଚିଣ୍ଡା	ଯୋଗୀ		୨୭୨	ବେସରକାରୀ	ବେ.ପା.	୦.୩୦୦	୦.୦୦୪
୧୪୫	ସମ୍ବଲପୁର	କୁଚିଣ୍ଡା	ଯୋଗୀ		୨୭୨	ବେସରକାରୀ	ବେ.ପା.	୦.୨୫୦	୦.୦୫୩
୧୪୬	ସମ୍ବଲପୁର	କୁଚିଣ୍ଡା	ଯୋଗୀ		୨୭୨	ବେସରକାରୀ	ଗୋଡ଼ା-୨	୦.୦୫୦	୦.୦୦୫
୧୪୭	ସମ୍ବଲପୁର	କୁଚିଣ୍ଡା	ଯୋଗୀ		୨୭୨	ବେସରକାରୀ	ଘରବାରି	୦.୨୫୦	୦.୦୦୫
୧୪୮	ସମ୍ବଲପୁର	କୁଚିଣ୍ଡା	ଯୋଗୀ		୨୭୨	ବେସରକାରୀ	ବା.ପା.	୦.୦୫୦	୦.୦୦୫
୧୪୯	ସମ୍ବଲପୁର	କୁଚିଣ୍ଡା	ଯୋଗୀ		୨୭୨	ବେସରକାରୀ	ଗୋଡ଼ା-୨	୦.୦୫୦	୦.୦୦୬
୧୫୦	ସମ୍ବଲପୁର	କୁଚିଣ୍ଡା	ଯୋଗୀ		୨୭୨	ବେସରକାରୀ	ବା.ପା.	୦.୦୫୦	୦.୦୯୦
SEE NEXT
